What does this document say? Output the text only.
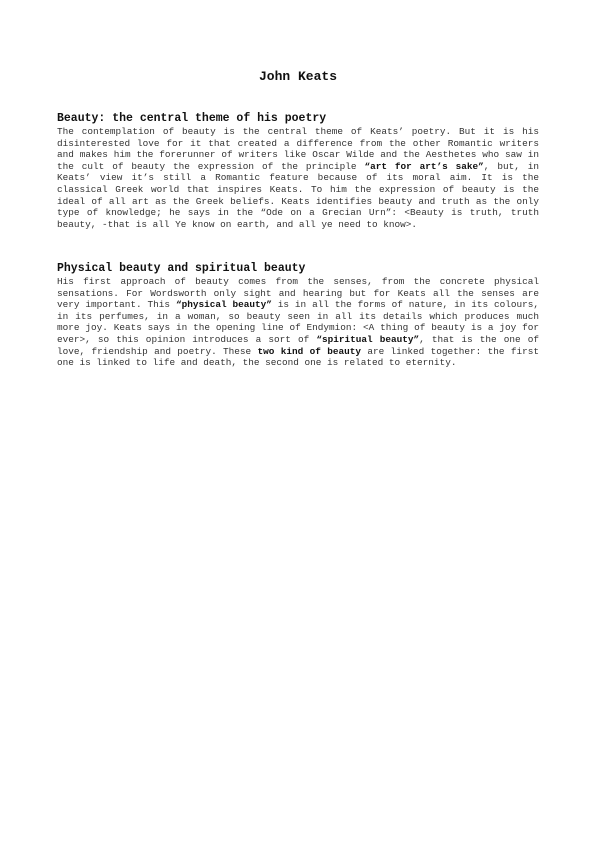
John Keats
Beauty: the central theme of his poetry

The contemplation of beauty is the central theme of Keats’ poetry. But it is his disinterested love for it that created a difference from the other Romantic writers and makes him the forerunner of writers like Oscar Wilde and the Aesthetes who saw in the cult of beauty the expression of the principle “art for art’s sake”, but, in Keats’ view it’s still a Romantic feature because of its moral aim. It is the classical Greek world that inspires Keats. To him the expression of beauty is the ideal of all art as the Greek beliefs. Keats identifies beauty and truth as the only type of knowledge; he says in the “Ode on a Grecian Urn”: <Beauty is truth, truth beauty, -that is all Ye know on earth, and all ye need to know>.

Physical beauty and spiritual beauty

His first approach of beauty comes from the senses, from the concrete physical sensations. For Wordsworth only sight and hearing but for Keats all the senses are very important. This “physical beauty” is in all the forms of nature, in its colours, in its perfumes, in a woman, so beauty seen in all its details which produces much more joy. Keats says in the opening line of Endymion: <A thing of beauty is a joy for ever>, so this opinion introduces a sort of “spiritual beauty”, that is the one of love, friendship and poetry. These two kind of beauty are linked together: the first one is linked to life and death, the second one is related to eternity.
